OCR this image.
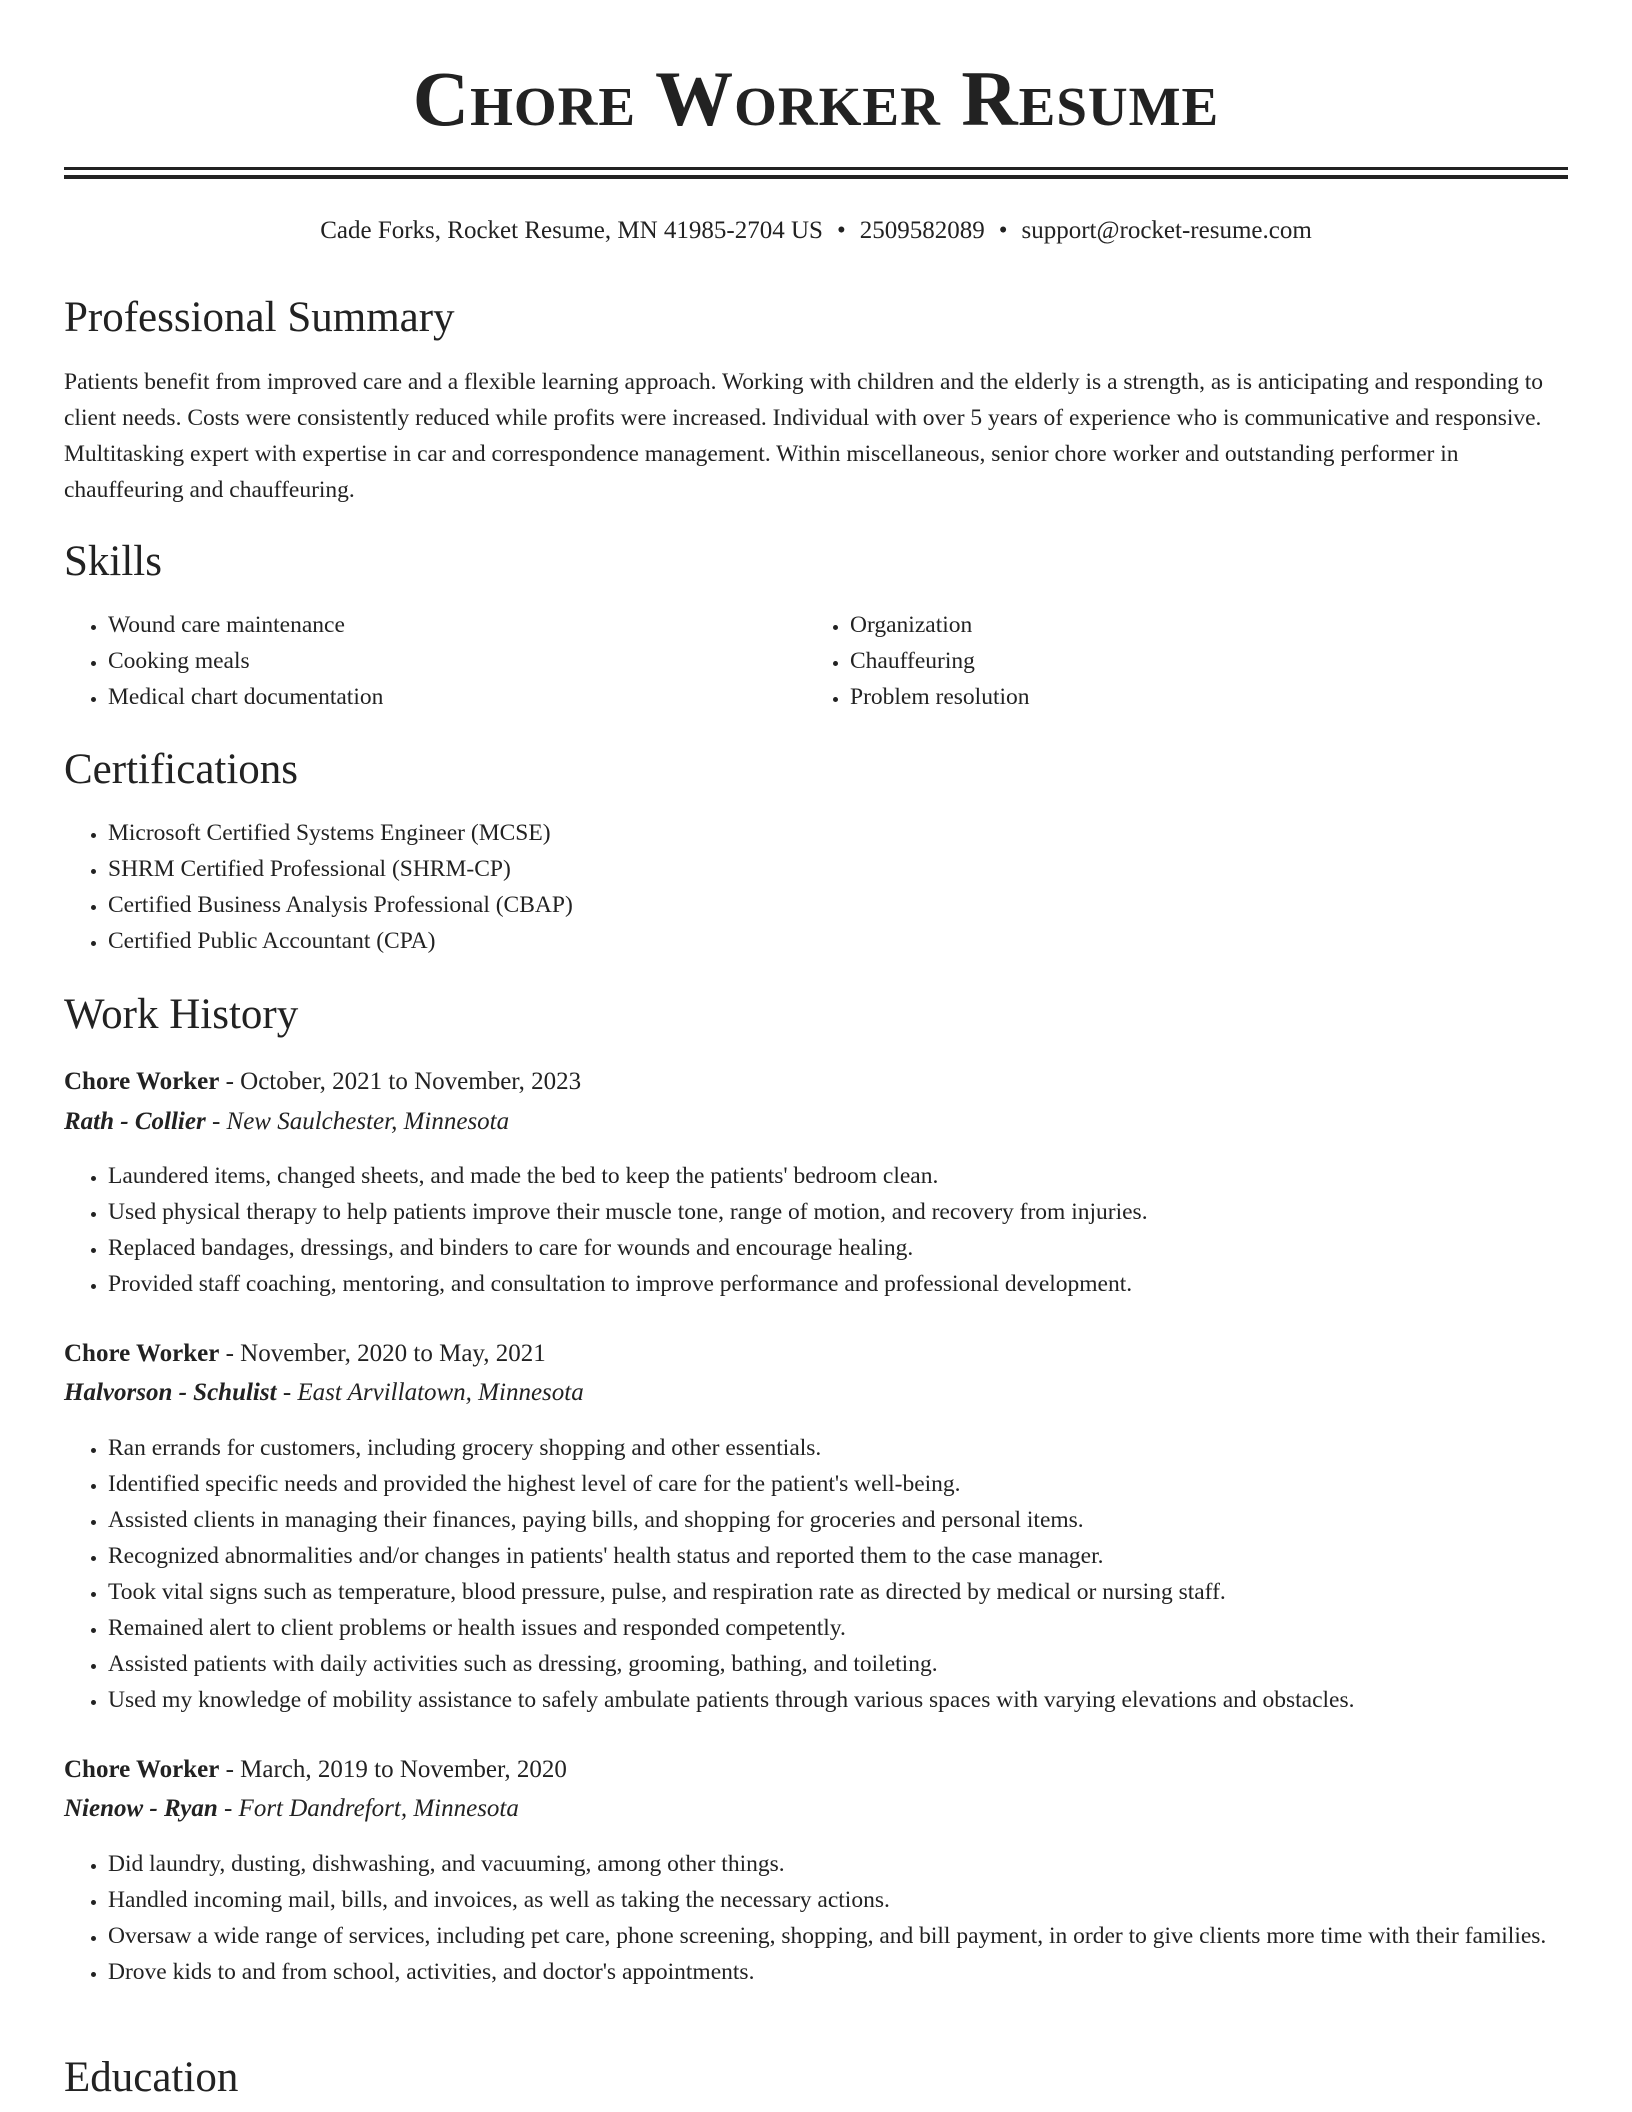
Chore Worker Resume
Cade Forks, Rocket Resume, MN 41985-2704 US • 2509582089 • support@rocket-resume.com
Professional Summary

Patients benefit from improved care and a flexible learning approach. Working with children and the elderly is a strength, as is anticipating and responding to client needs. Costs were consistently reduced while profits were increased. Individual with over 5 years of experience who is communicative and responsive. Multitasking expert with expertise in car and correspondence management. Within miscellaneous, senior chore worker and outstanding performer in chauffeuring and chauffeuring.

Skills
• Wound care maintenance
• Cooking meals
• Medical chart documentation
• Organization
• Chauffeuring
• Problem resolution
Certifications
• Microsoft Certified Systems Engineer (MCSE)
• SHRM Certified Professional (SHRM-CP)
• Certified Business Analysis Professional (CBAP)
• Certified Public Accountant (CPA)
Work History

Chore Worker - October, 2021 to November, 2023

Rath - Collier - New Saulchester, Minnesota

• Laundered items, changed sheets, and made the bed to keep the patients' bedroom clean.
• Used physical therapy to help patients improve their muscle tone, range of motion, and recovery from injuries.
• Replaced bandages, dressings, and binders to care for wounds and encourage healing.
• Provided staff coaching, mentoring, and consultation to improve performance and professional development.

Chore Worker - November, 2020 to May, 2021

Halvorson - Schulist - East Arvillatown, Minnesota

• Ran errands for customers, including grocery shopping and other essentials.
• Identified specific needs and provided the highest level of care for the patient's well-being.
• Assisted clients in managing their finances, paying bills, and shopping for groceries and personal items.
• Recognized abnormalities and/or changes in patients' health status and reported them to the case manager.
• Took vital signs such as temperature, blood pressure, pulse, and respiration rate as directed by medical or nursing staff.
• Remained alert to client problems or health issues and responded competently.
• Assisted patients with daily activities such as dressing, grooming, bathing, and toileting.
• Used my knowledge of mobility assistance to safely ambulate patients through various spaces with varying elevations and obstacles.

Chore Worker - March, 2019 to November, 2020

Nienow - Ryan - Fort Dandrefort, Minnesota

• Did laundry, dusting, dishwashing, and vacuuming, among other things.
• Handled incoming mail, bills, and invoices, as well as taking the necessary actions.
• Oversaw a wide range of services, including pet care, phone screening, shopping, and bill payment, in order to give clients more time with their families.
• Drove kids to and from school, activities, and doctor's appointments.
Education
